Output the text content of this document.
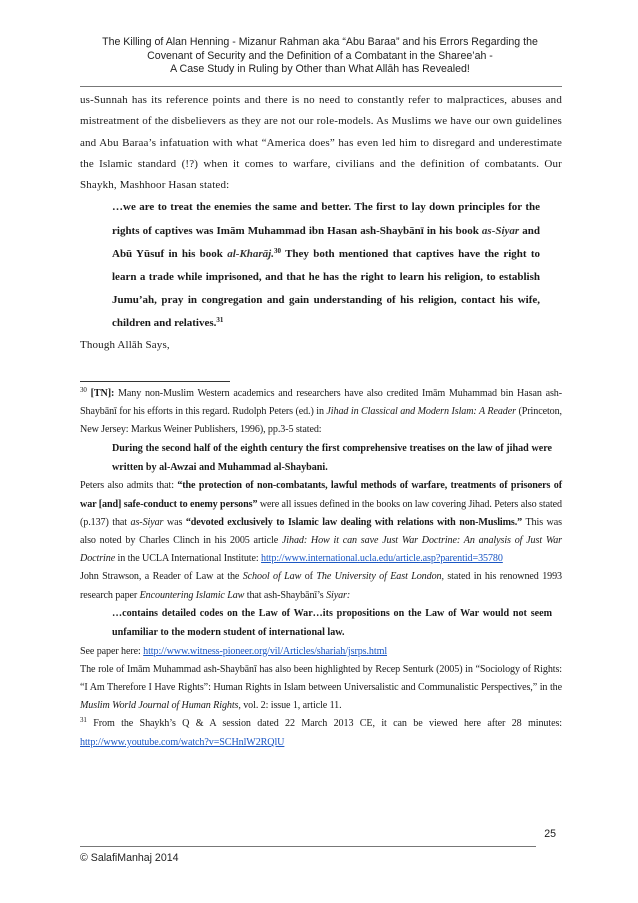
The Killing of Alan Henning - Mizanur Rahman aka “Abu Baraa” and his Errors Regarding the
Covenant of Security and the Definition of a Combatant in the Sharee’ah -
A Case Study in Ruling by Other than What Allāh has Revealed!

us-Sunnah has its reference points and there is no need to constantly refer to malpractices, abuses and mistreatment of the disbelievers as they are not our role-models. As Muslims we have our own guidelines and Abu Baraa’s infatuation with what “America does” has even led him to disregard and underestimate the Islamic standard (!?) when it comes to warfare, civilians and the definition of combatants. Our Shaykh, Mashhoor Hasan stated:

…we are to treat the enemies the same and better. The first to lay down principles for the rights of captives was Imām Muhammad ibn Hasan ash-Shaybānī in his book as-Siyar and Abū Yūsuf in his book al-Kharāj.$^{30}$ They both mentioned that captives have the right to learn a trade while imprisoned, and that he has the right to learn his religion, to establish Jumu’ah, pray in congregation and gain understanding of his religion, contact his wife, children and relatives.$^{31}$

Though Allāh Says,

$^{30}$ [TN]: Many non-Muslim Western academics and researchers have also credited Imām Muhammad bin Hasan ash-Shaybānī for his efforts in this regard. Rudolph Peters (ed.) in Jihad in Classical and Modern Islam: A Reader (Princeton, New Jersey: Markus Weiner Publishers, 1996), pp.3-5 stated:

During the second half of the eighth century the first comprehensive treatises on the law of jihad were written by al-Awzai and Muhammad al-Shaybani.

Peters also admits that: “the protection of non-combatants, lawful methods of warfare, treatments of prisoners of war [and] safe-conduct to enemy persons” were all issues defined in the books on law covering Jihad. Peters also stated (p.137) that as-Siyar was “devoted exclusively to Islamic law dealing with relations with non-Muslims.” This was also noted by Charles Clinch in his 2005 article Jihad: How it can save Just War Doctrine: An analysis of Just War Doctrine in the UCLA International Institute: http://www.international.ucla.edu/article.asp?parentid=35780

John Strawson, a Reader of Law at the School of Law of The University of East London, stated in his renowned 1993 research paper Encountering Islamic Law that ash-Shaybānī’s Siyar:

…contains detailed codes on the Law of War…its propositions on the Law of War would not seem unfamiliar to the modern student of international law.

See paper here: http://www.witness-pioneer.org/vil/Articles/shariah/jsrps.html

The role of Imām Muhammad ash-Shaybānī has also been highlighted by Recep Senturk (2005) in “Sociology of Rights: “I Am Therefore I Have Rights”: Human Rights in Islam between Universalistic and Communalistic Perspectives,” in the Muslim World Journal of Human Rights, vol. 2: issue 1, article 11.

$^{31}$ From the Shaykh’s Q & A session dated 22 March 2013 CE, it can be viewed here after 28 minutes: http://www.youtube.com/watch?v=SCHnlW2RQlU

25
© SalafiManhaj 2014
